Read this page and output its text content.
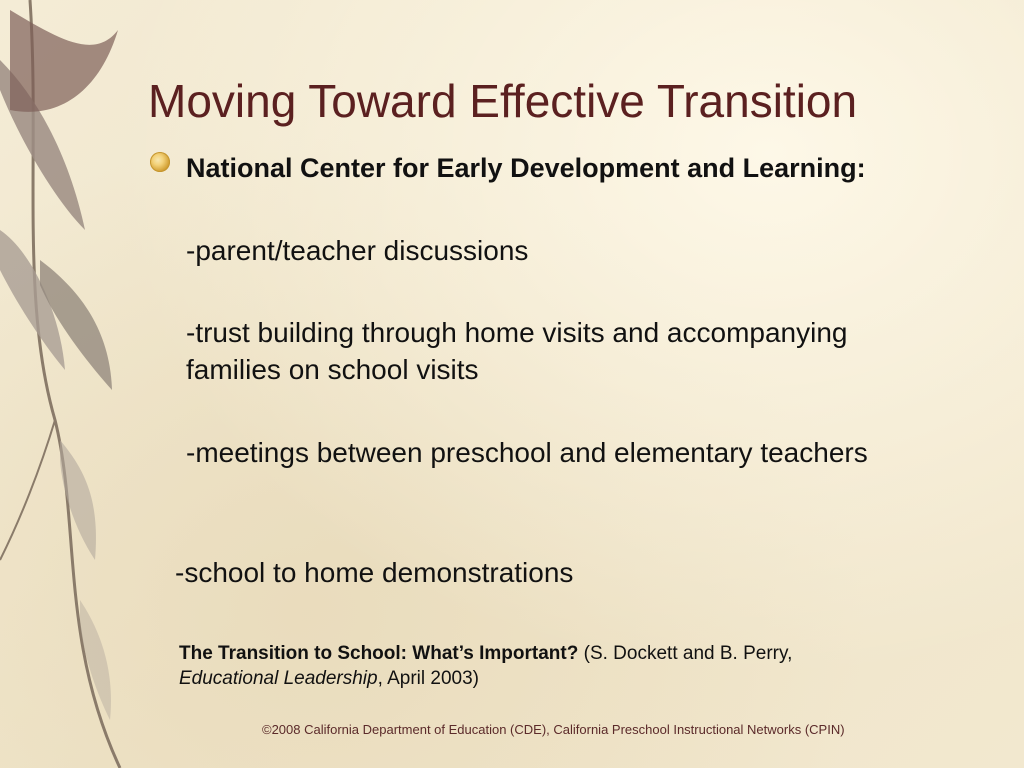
Moving Toward Effective Transition
National Center for Early Development and Learning:
-parent/teacher discussions
-trust building through home visits and accompanying families on school visits
-meetings between preschool and elementary teachers
-school to home demonstrations
The Transition to School: What’s Important? (S. Dockett and B. Perry,
Educational Leadership, April 2003)
©2008 California Department of Education (CDE), California Preschool Instructional Networks (CPIN)
